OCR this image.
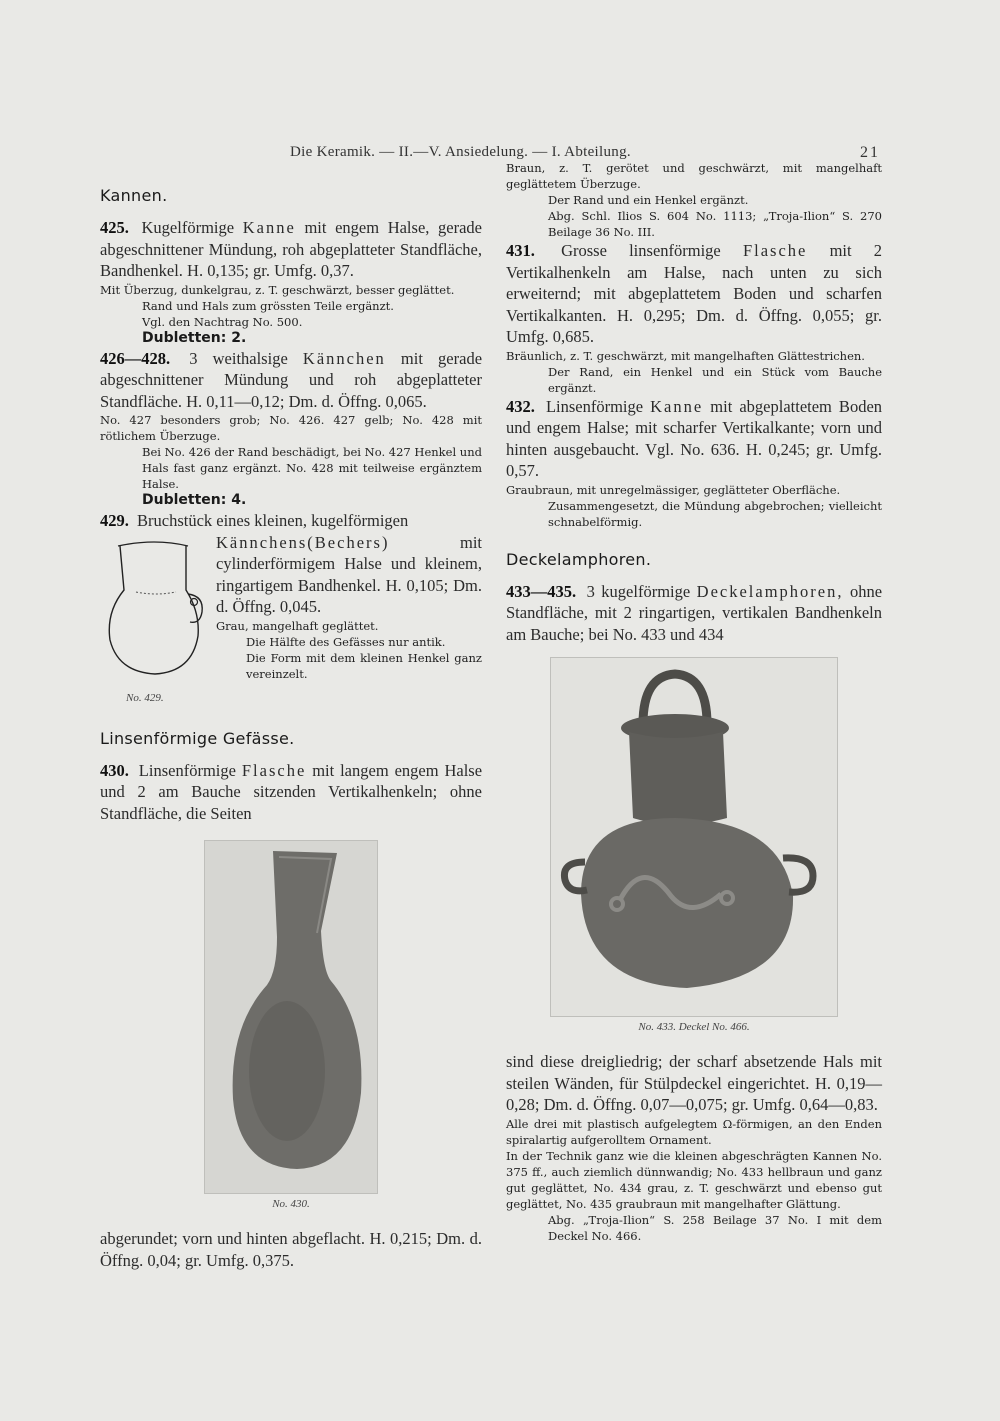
Die Keramik. — II.—V. Ansiedelung. — I. Abteilung.	21
Kannen.

425. Kugelförmige Kanne mit engem Halse, gerade abgeschnittener Mündung, roh abgeplatteter Standfläche, Bandhenkel. H. 0,135; gr. Umfg. 0,37.

Mit Überzug, dunkelgrau, z. T. geschwärzt, besser geglättet.

Rand und Hals zum grössten Teile ergänzt.

Vgl. den Nachtrag No. 500.

Dubletten: 2.

426—428. 3 weithalsige Kännchen mit gerade abgeschnittener Mündung und roh abgeplatteter Standfläche. H. 0,11—0,12; Dm. d. Öffng. 0,065.

No. 427 besonders grob; No. 426. 427 gelb; No. 428 mit rötlichem Überzuge.

Bei No. 426 der Rand beschädigt, bei No. 427 Henkel und Hals fast ganz ergänzt. No. 428 mit teilweise ergänztem Halse.

Dubletten: 4.

429. Bruchstück eines kleinen, kugelförmigen

No. 429.

Kännchens(Bechers)	mit cylinderförmigem Halse und kleinem, ringartigem Bandhenkel. H. 0,105; Dm. d. Öffng. 0,045.

Grau, mangelhaft geglättet.

Die Hälfte des Gefässes nur antik.

Die Form mit dem kleinen Henkel ganz vereinzelt.

Linsenförmige Gefässe.

430. Linsenförmige Flasche mit langem engem Halse und 2 am Bauche sitzenden Vertikalhenkeln; ohne Standfläche, die Seiten

No. 430.

abgerundet; vorn und hinten abgeflacht. H. 0,215; Dm. d. Öffng. 0,04; gr. Umfg. 0,375.

Braun, z. T. gerötet und geschwärzt, mit mangelhaft geglättetem Überzuge.

Der Rand und ein Henkel ergänzt.

Abg. Schl. Ilios S. 604 No. 1113; „Troja-Ilion“ S. 270 Beilage 36 No. III.

431. Grosse linsenförmige Flasche mit 2 Vertikalhenkeln am Halse, nach unten zu sich erweiternd; mit abgeplattetem Boden und scharfen Vertikalkanten. H. 0,295; Dm. d. Öffng. 0,055; gr. Umfg. 0,685.

Bräunlich, z. T. geschwärzt, mit mangelhaften Glättestrichen.

Der Rand, ein Henkel und ein Stück vom Bauche ergänzt.

432. Linsenförmige Kanne mit abgeplattetem Boden und engem Halse; mit scharfer Vertikalkante; vorn und hinten ausgebaucht. Vgl. No. 636. H. 0,245; gr. Umfg. 0,57.

Graubraun, mit unregelmässiger, geglätteter Oberfläche.

Zusammengesetzt, die Mündung abgebrochen; vielleicht schnabelförmig.

Deckelamphoren.

433—435. 3 kugelförmige Deckelamphoren, ohne Standfläche, mit 2 ringartigen, vertikalen Bandhenkeln am Bauche; bei No. 433 und 434

No. 433. Deckel No. 466.

sind diese dreigliedrig; der scharf absetzende Hals mit steilen Wänden, für Stülpdeckel eingerichtet. H. 0,19—0,28; Dm. d. Öffng. 0,07—0,075; gr. Umfg. 0,64—0,83.

Alle drei mit plastisch aufgelegtem Ω-förmigen, an den Enden spiralartig aufgerolltem Ornament.

In der Technik ganz wie die kleinen abgeschrägten Kannen No. 375 ff., auch ziemlich dünnwandig; No. 433 hellbraun und ganz gut geglättet, No. 434 grau, z. T. geschwärzt und ebenso gut geglättet, No. 435 graubraun mit mangelhafter Glättung.

Abg. „Troja-Ilion“ S. 258 Beilage 37 No. I mit dem Deckel No. 466.
